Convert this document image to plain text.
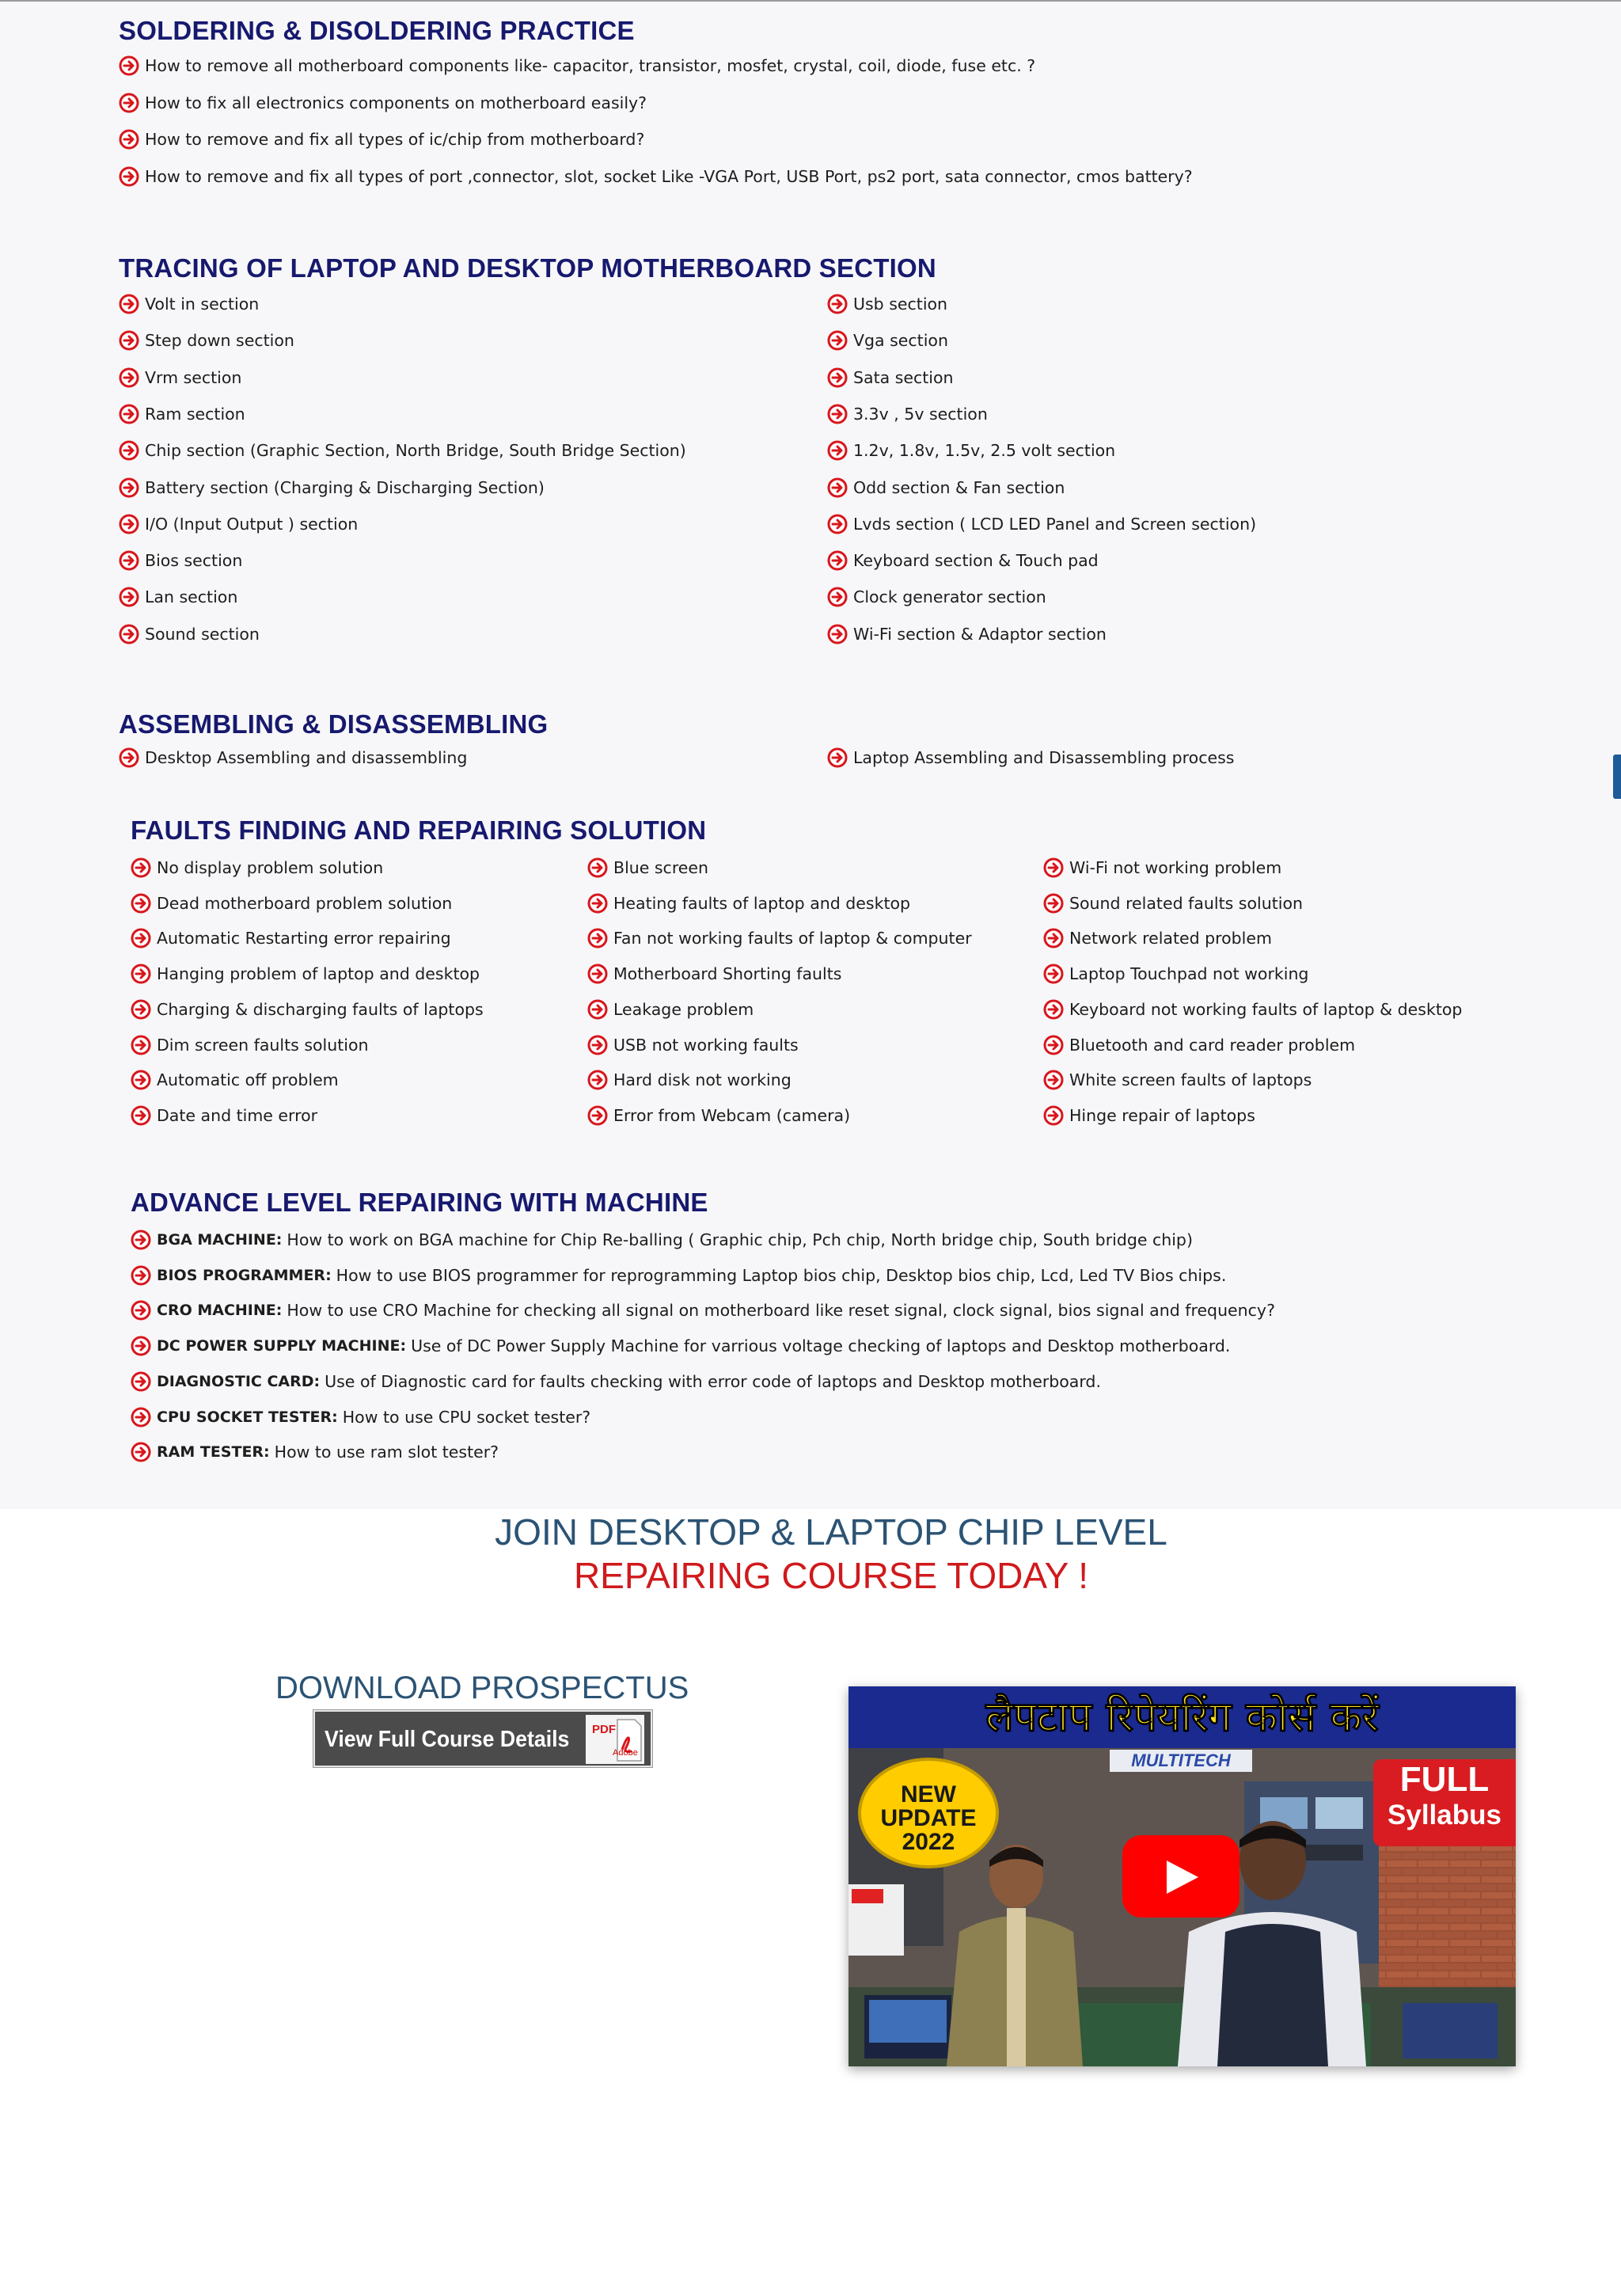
SOLDERING & DISOLDERING PRACTICE
How to remove all motherboard components like- capacitor, transistor, mosfet, crystal, coil, diode, fuse etc. ?
How to fix all electronics components on motherboard easily?
How to remove and fix all types of ic/chip from motherboard?
How to remove and fix all types of port ,connector, slot, socket Like -VGA Port, USB Port, ps2 port, sata connector, cmos battery?
TRACING OF LAPTOP AND DESKTOP MOTHERBOARD SECTION
Volt in section
Step down section
Vrm section
Ram section
Chip section (Graphic Section, North Bridge, South Bridge Section)
Battery section (Charging & Discharging Section)
I/O (Input Output ) section
Bios section
Lan section
Sound section
Usb section
Vga section
Sata section
3.3v , 5v section
1.2v, 1.8v, 1.5v, 2.5 volt section
Odd section & Fan section
Lvds section ( LCD LED Panel and Screen section)
Keyboard section & Touch pad
Clock generator section
Wi-Fi section & Adaptor section
ASSEMBLING & DISASSEMBLING
Desktop Assembling and disassembling	Laptop Assembling and Disassembling process
FAULTS FINDING AND REPAIRING SOLUTION
No display problem solution
Dead motherboard problem solution
Automatic Restarting error repairing
Hanging problem of laptop and desktop
Charging & discharging faults of laptops
Dim screen faults solution
Automatic off problem
Date and time error
Blue screen
Heating faults of laptop and desktop
Fan not working faults of laptop & computer
Motherboard Shorting faults
Leakage problem
USB not working faults
Hard disk not working
Error from Webcam (camera)
Wi-Fi not working problem
Sound related faults solution
Network related problem
Laptop Touchpad not working
Keyboard not working faults of laptop & desktop
Bluetooth and card reader problem
White screen faults of laptops
Hinge repair of laptops
ADVANCE LEVEL REPAIRING WITH MACHINE
BGA MACHINE: How to work on BGA machine for Chip Re-balling ( Graphic chip, Pch chip, North bridge chip, South bridge chip)
BIOS PROGRAMMER: How to use BIOS programmer for reprogramming Laptop bios chip, Desktop bios chip, Lcd, Led TV Bios chips.
CRO MACHINE: How to use CRO Machine for checking all signal on motherboard like reset signal, clock signal, bios signal and frequency?
DC POWER SUPPLY MACHINE: Use of DC Power Supply Machine for varrious voltage checking of laptops and Desktop motherboard.
DIAGNOSTIC CARD: Use of Diagnostic card for faults checking with error code of laptops and Desktop motherboard.
CPU SOCKET TESTER: How to use CPU socket tester?
RAM TESTER: How to use ram slot tester?
JOIN DESKTOP & LAPTOP CHIP LEVEL
REPAIRING COURSE TODAY !
DOWNLOAD PROSPECTUS
View Full Course Details PDF
Adobe
लैपटाप रिपेयरिंग कोर्स करें
MULTITECH
NEW
UPDATE
2022
FULL
Syllabus
